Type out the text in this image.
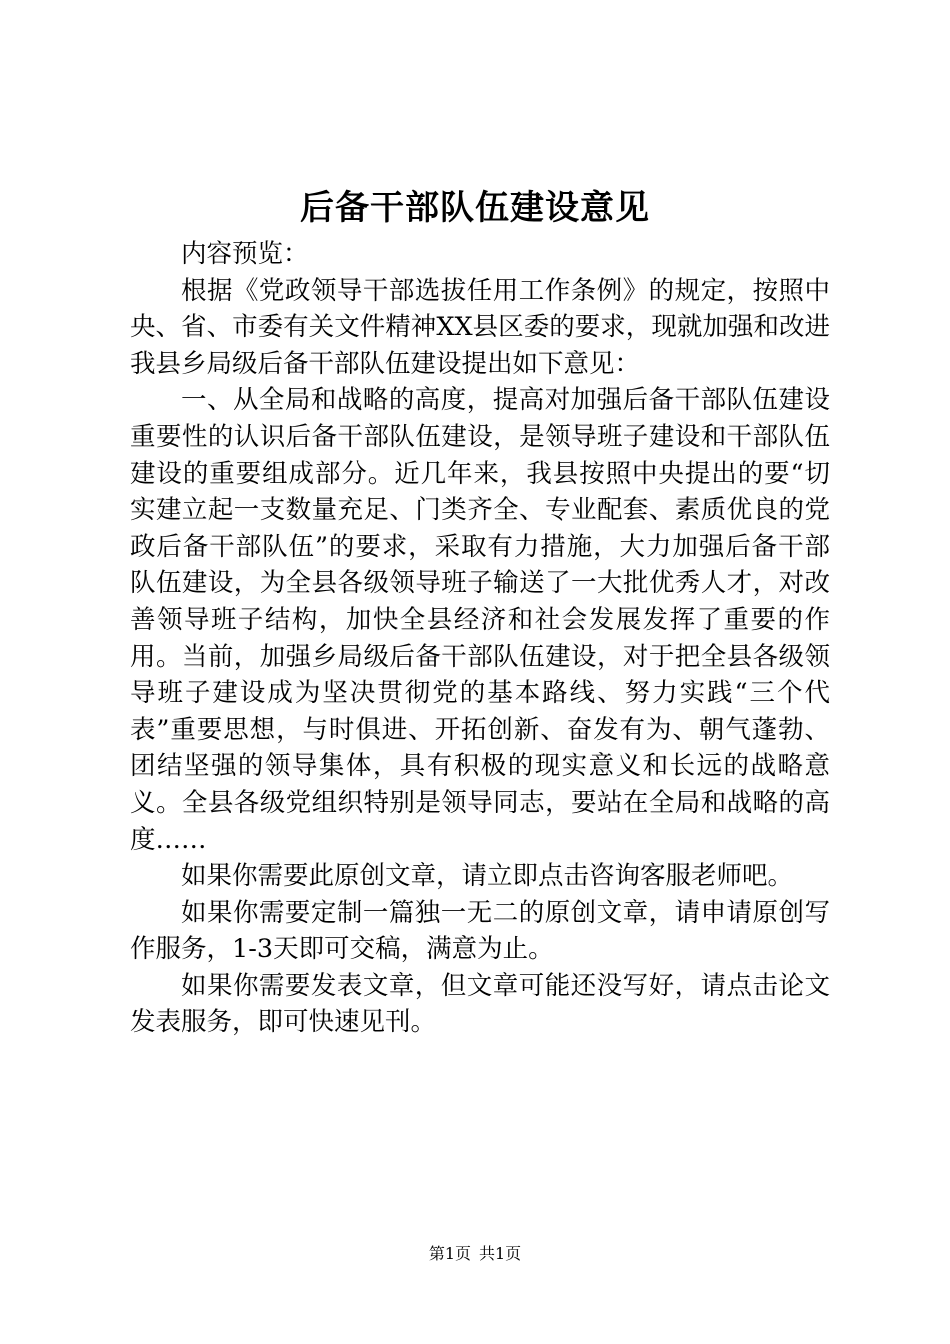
后备干部队伍建设意见

内容预览：

根据《党政领导干部选拔任用工作条例》的规定，按照中央、省、市委有关文件精神XX县区委的要求，现就加强和改进我县乡局级后备干部队伍建设提出如下意见：

一、从全局和战略的高度，提高对加强后备干部队伍建设重要性的认识后备干部队伍建设，是领导班子建设和干部队伍建设的重要组成部分。近几年来，我县按照中央提出的要“切实建立起一支数量充足、门类齐全、专业配套、素质优良的党政后备干部队伍”的要求，采取有力措施，大力加强后备干部队伍建设，为全县各级领导班子输送了一大批优秀人才，对改善领导班子结构，加快全县经济和社会发展发挥了重要的作用。当前，加强乡局级后备干部队伍建设，对于把全县各级领导班子建设成为坚决贯彻党的基本路线、努力实践“三个代表”重要思想，与时俱进、开拓创新、奋发有为、朝气蓬勃、团结坚强的领导集体，具有积极的现实意义和长远的战略意义。全县各级党组织特别是领导同志，要站在全局和战略的高度……

如果你需要此原创文章，请立即点击咨询客服老师吧。

如果你需要定制一篇独一无二的原创文章，请申请原创写作服务，1-3天即可交稿，满意为止。

如果你需要发表文章，但文章可能还没写好，请点击论文发表服务，即可快速见刊。

第1页 共1页
